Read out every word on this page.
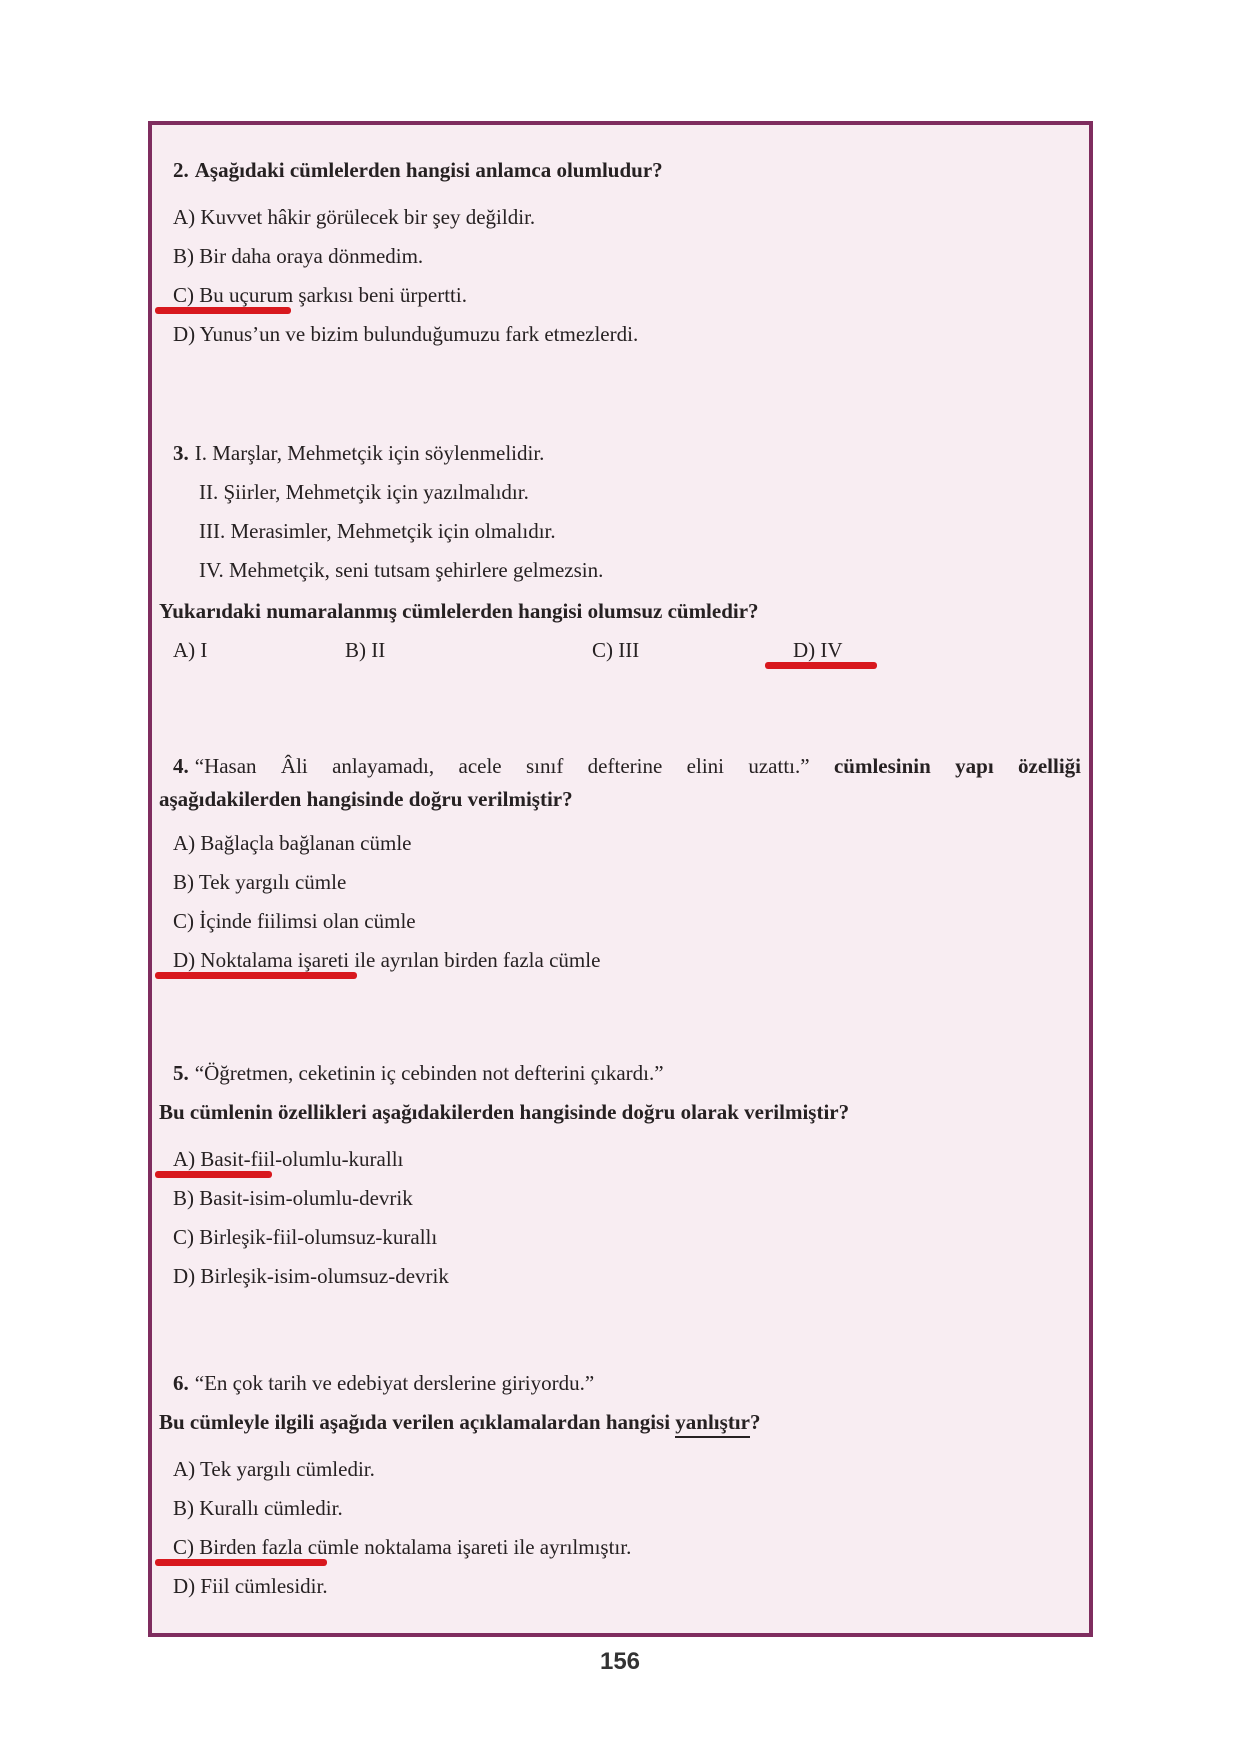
2. Aşağıdaki cümlelerden hangisi anlamca olumludur?
A) Kuvvet hâkir görülecek bir şey değildir.
B) Bir daha oraya dönmedim.
C) Bu uçurum şarkısı beni ürpertti.
D) Yunus’un ve bizim bulunduğumuzu fark etmezlerdi.
3. I. Marşlar, Mehmetçik için söylenmelidir.
II. Şiirler, Mehmetçik için yazılmalıdır.
III. Merasimler, Mehmetçik için olmalıdır.
IV. Mehmetçik, seni tutsam şehirlere gelmezsin.
Yukarıdaki numaralanmış cümlelerden hangisi olumsuz cümledir?
A) I	B) II	C) III	D) IV
4. “Hasan Âli anlayamadı, acele sınıf defterine elini uzattı.” cümlesinin yapı özelliği
aşağıdakilerden hangisinde doğru verilmiştir?
A) Bağlaçla bağlanan cümle
B) Tek yargılı cümle
C) İçinde fiilimsi olan cümle
D) Noktalama işareti ile ayrılan birden fazla cümle
5. “Öğretmen, ceketinin iç cebinden not defterini çıkardı.”
Bu cümlenin özellikleri aşağıdakilerden hangisinde doğru olarak verilmiştir?
A) Basit-fiil-olumlu-kurallı
B) Basit-isim-olumlu-devrik
C) Birleşik-fiil-olumsuz-kurallı
D) Birleşik-isim-olumsuz-devrik
6. “En çok tarih ve edebiyat derslerine giriyordu.”
Bu cümleyle ilgili aşağıda verilen açıklamalardan hangisi yanlıştır?
A) Tek yargılı cümledir.
B) Kurallı cümledir.
C) Birden fazla cümle noktalama işareti ile ayrılmıştır.
D) Fiil cümlesidir.
156
